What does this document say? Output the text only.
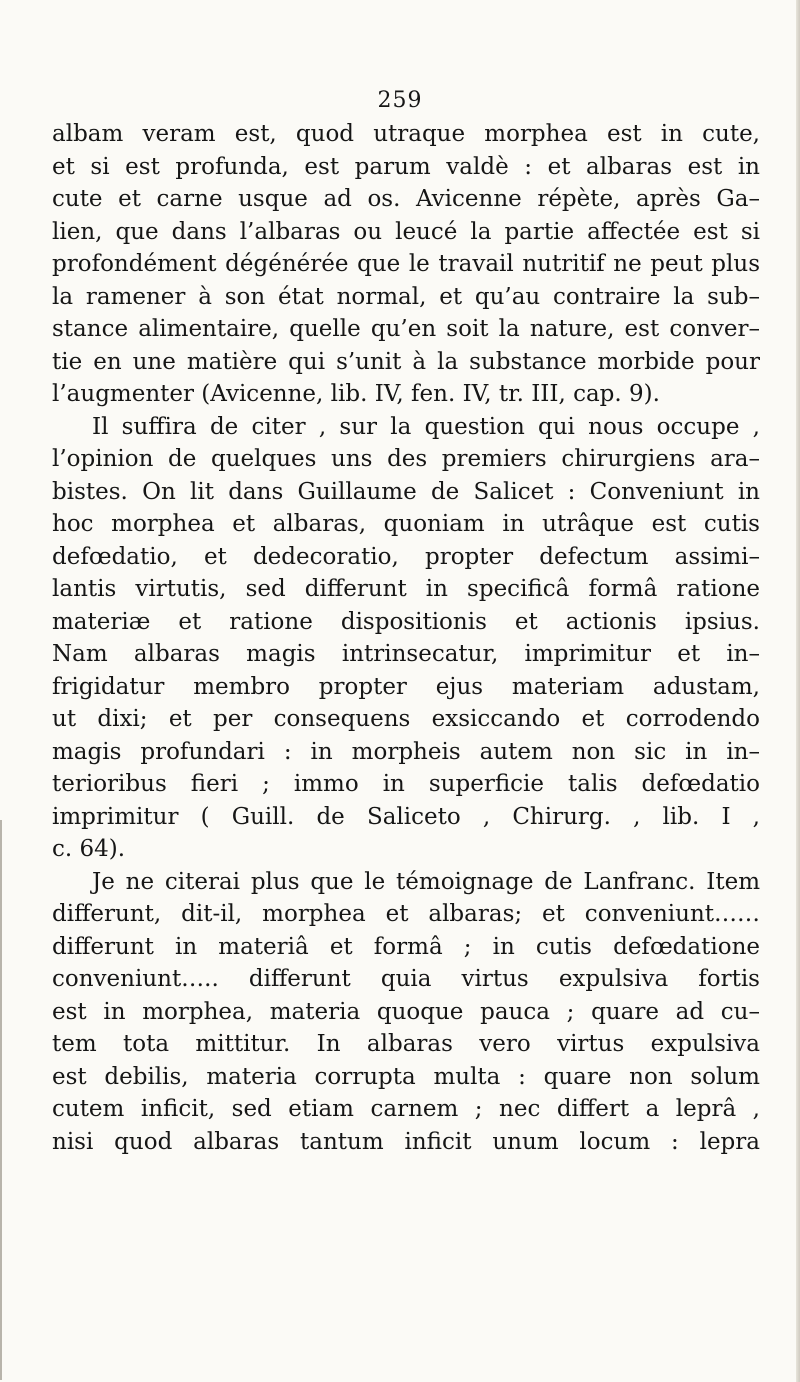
259
albam veram est, quod utraque morphea est in cute,
et si est profunda, est parum valdè : et albaras est in
cute et carne usque ad os. Avicenne répète, après Ga–
lien, que dans l’albaras ou leucé la partie affectée est si
profondément dégénérée que le travail nutritif ne peut plus
la ramener à son état normal, et qu’au contraire la sub–
stance alimentaire, quelle qu’en soit la nature, est conver–
tie en une matière qui s’unit à la substance morbide pour
l’augmenter (Avicenne, lib. IV, fen. IV, tr. III, cap. 9).
Il suffira de citer , sur la question qui nous occupe ,
l’opinion de quelques uns des premiers chirurgiens ara–
bistes. On lit dans Guillaume de Salicet : Conveniunt in
hoc morphea et albaras, quoniam in utrâque est cutis
defœdatio, et dedecoratio, propter defectum assimi–
lantis virtutis, sed differunt in specificâ formâ ratione
materiæ et ratione dispositionis et actionis ipsius.
Nam albaras magis intrinsecatur, imprimitur et in–
frigidatur membro propter ejus materiam adustam,
ut dixi; et per consequens exsiccando et corrodendo
magis profundari : in morpheis autem non sic in in–
terioribus fieri ; immo in superficie talis defœdatio
imprimitur ( Guill. de Saliceto , Chirurg. , lib. I ,
c. 64).
Je ne citerai plus que le témoignage de Lanfranc. Item
differunt, dit-il, morphea et albaras; et conveniunt……
differunt in materiâ et formâ ; in cutis defœdatione
conveniunt….. differunt quia virtus expulsiva fortis
est in morphea, materia quoque pauca ; quare ad cu–
tem tota mittitur. In albaras vero virtus expulsiva
est debilis, materia corrupta multa : quare non solum
cutem inficit, sed etiam carnem ; nec differt a leprâ ,
nisi quod albaras tantum inficit unum locum : lepra
